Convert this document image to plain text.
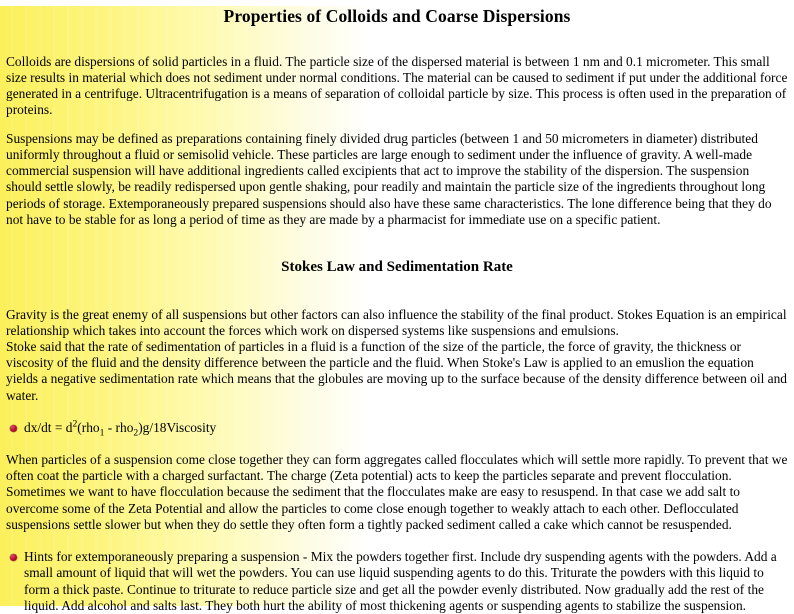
Properties of Colloids and Coarse Dispersions

Colloids are dispersions of solid particles in a fluid. The particle size of the dispersed material is between 1 nm and 0.1 micrometer. This small size results in material which does not sediment under normal conditions. The material can be caused to sediment if put under the additional force generated in a centrifuge. Ultracentrifugation is a means of separation of colloidal particle by size. This process is often used in the preparation of proteins.

Suspensions may be defined as preparations containing finely divided drug particles (between 1 and 50 micrometers in diameter) distributed uniformly throughout a fluid or semisolid vehicle. These particles are large enough to sediment under the influence of gravity. A well-made commercial suspension will have additional ingredients called excipients that act to improve the stability of the dispersion. The suspension should settle slowly, be readily redispersed upon gentle shaking, pour readily and maintain the particle size of the ingredients throughout long periods of storage. Extemporaneously prepared suspensions should also have these same characteristics. The lone difference being that they do not have to be stable for as long a period of time as they are made by a pharmacist for immediate use on a specific patient.

Stokes Law and Sedimentation Rate

Gravity is the great enemy of all suspensions but other factors can also influence the stability of the final product. Stokes Equation is an empirical relationship which takes into account the forces which work on dispersed systems like suspensions and emulsions.

Stoke said that the rate of sedimentation of particles in a fluid is a function of the size of the particle, the force of gravity, the thickness or viscosity of the fluid and the density difference between the particle and the fluid. When Stoke's Law is applied to an emuslion the equation yields a negative sedimentation rate which means that the globules are moving up to the surface because of the density difference between oil and water.

$dx/dt = d^2(rho_1$ - rho$_2$)g/18Viscosity

When particles of a suspension come close together they can form aggregates called flocculates which will settle more rapidly. To prevent that we often coat the particle with a charged surfactant. The charge (Zeta potential) acts to keep the particles separate and prevent flocculation. Sometimes we want to have flocculation because the sediment that the flocculates make are easy to resuspend. In that case we add salt to overcome some of the Zeta Potential and allow the particles to come close enough together to weakly attach to each other. Deflocculated suspensions settle slower but when they do settle they often form a tightly packed sediment called a cake which cannot be resuspended.

Hints for extemporaneously preparing a suspension - Mix the powders together first. Include dry suspending agents with the powders. Add a small amount of liquid that will wet the powders. You can use liquid suspending agents to do this. Triturate the powders with this liquid to form a thick paste. Continue to triturate to reduce particle size and get all the powder evenly distributed. Now gradually add the rest of the liquid. Add alcohol and salts last. They both hurt the ability of most thickening agents or suspending agents to stabilize the suspension.
